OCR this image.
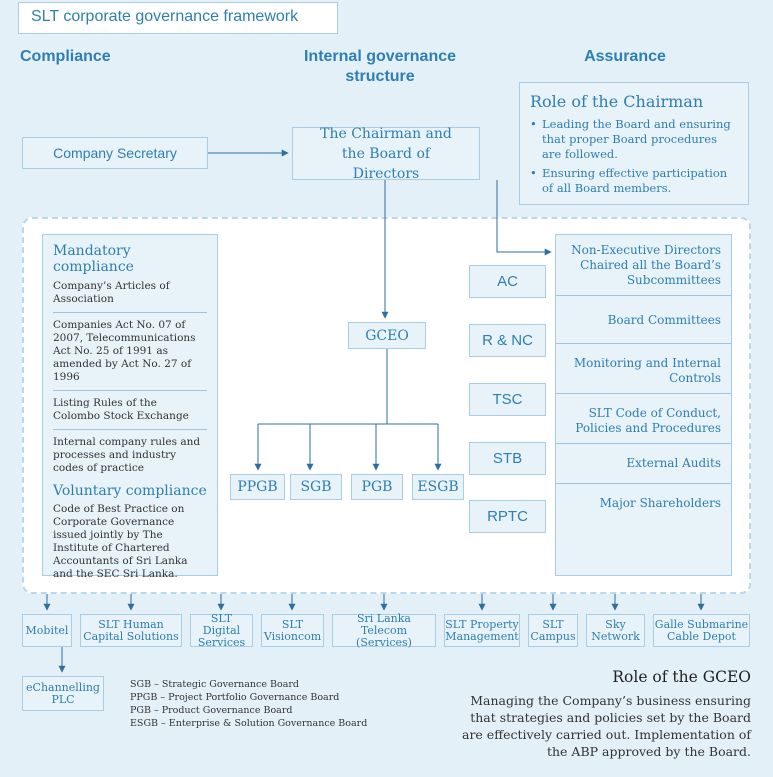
SLT corporate governance framework
Compliance	Internal governance structure
Assurance
Role of the Chairman
• Leading the Board and ensuring that proper Board procedures are followed.
• Ensuring effective participation of all Board members.
Company Secretary
The Chairman and the Board of Directors
Mandatory compliance
Company’s Articles of Association
Companies Act No. 07 of 2007, Telecommunications Act No. 25 of 1991 as amended by Act No. 27 of 1996
Listing Rules of the Colombo Stock Exchange
Internal company rules and processes and industry codes of practice
Voluntary compliance
Code of Best Practice on Corporate Governance issued jointly by The Institute of Chartered Accountants of Sri Lanka and the SEC Sri Lanka.
GCEO
PPGB	SGB	PGB	ESGB
AC
R & NC
TSC
STB
RPTC
Non-Executive Directors Chaired all the Board’s Subcommittees
Board Committees
Monitoring and Internal Controls
SLT Code of Conduct, Policies and Procedures
External Audits
Major Shareholders
Mobitel	SLT Human Capital Solutions
SLT Digital Services
SLT Visioncom
Sri Lanka Telecom (Services)
SLT Property Management
SLT Campus
Sky Network
Galle Submarine Cable Depot
eChannelling PLC
SGB – Strategic Governance Board
PPGB – Project Portfolio Governance Board
PGB – Product Governance Board
ESGB – Enterprise & Solution Governance Board
Role of the GCEO
Managing the Company’s business ensuring that strategies and policies set by the Board are effectively carried out. Implementation of the ABP approved by the Board.
